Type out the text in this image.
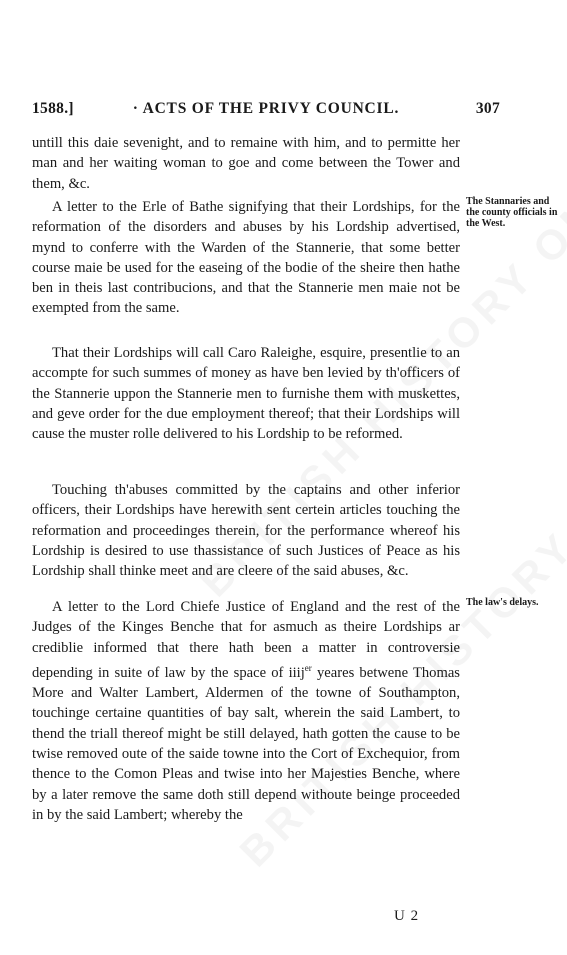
1588.]	· ACTS OF THE PRIVY COUNCIL.	307

untill this daie sevenight, and to remaine with him, and to permitte her man and her waiting woman to goe and come between the Tower and them, &c.

A letter to the Erle of Bathe signifying that their Lordships, for the reformation of the disorders and abuses by his Lordship advertised, mynd to conferre with the Warden of the Stannerie, that some better course maie be used for the easeing of the bodie of the sheire then hathe ben in theis last contribucions, and that the Stannerie men maie not be exempted from the same.

That their Lordships will call Caro Raleighe, esquire, presentlie to an accompte for such summes of money as have ben levied by th'officers of the Stannerie uppon the Stannerie men to furnishe them with muskettes, and geve order for the due employment thereof; that their Lordships will cause the muster rolle delivered to his Lordship to be reformed.

Touching th'abuses committed by the captains and other inferior officers, their Lordships have herewith sent certein articles touching the reformation and proceedinges therein, for the performance whereof his Lordship is desired to use thassistance of such Justices of Peace as his Lordship shall thinke meet and are cleere of the said abuses, &c.

A letter to the Lord Chiefe Justice of England and the rest of the Judges of the Kinges Benche that for asmuch as theire Lordships ar crediblie informed that there hath been a matter in controversie depending in suite of law by the space of iiij$^{er}$ yeares betwene Thomas More and Walter Lambert, Aldermen of the towne of Southampton, touchinge certaine quantities of bay salt, wherein the said Lambert, to thend the triall thereof might be still delayed, hath gotten the cause to be twise removed oute of the saide towne into the Cort of Exchequior, from thence to the Comon Pleas and twise into her Majesties Benche, where by a later remove the same doth still depend withoute beinge proceeded in by the said Lambert; whereby the

The Stannaries and the county officials in the West.
The law's delays.
U 2
